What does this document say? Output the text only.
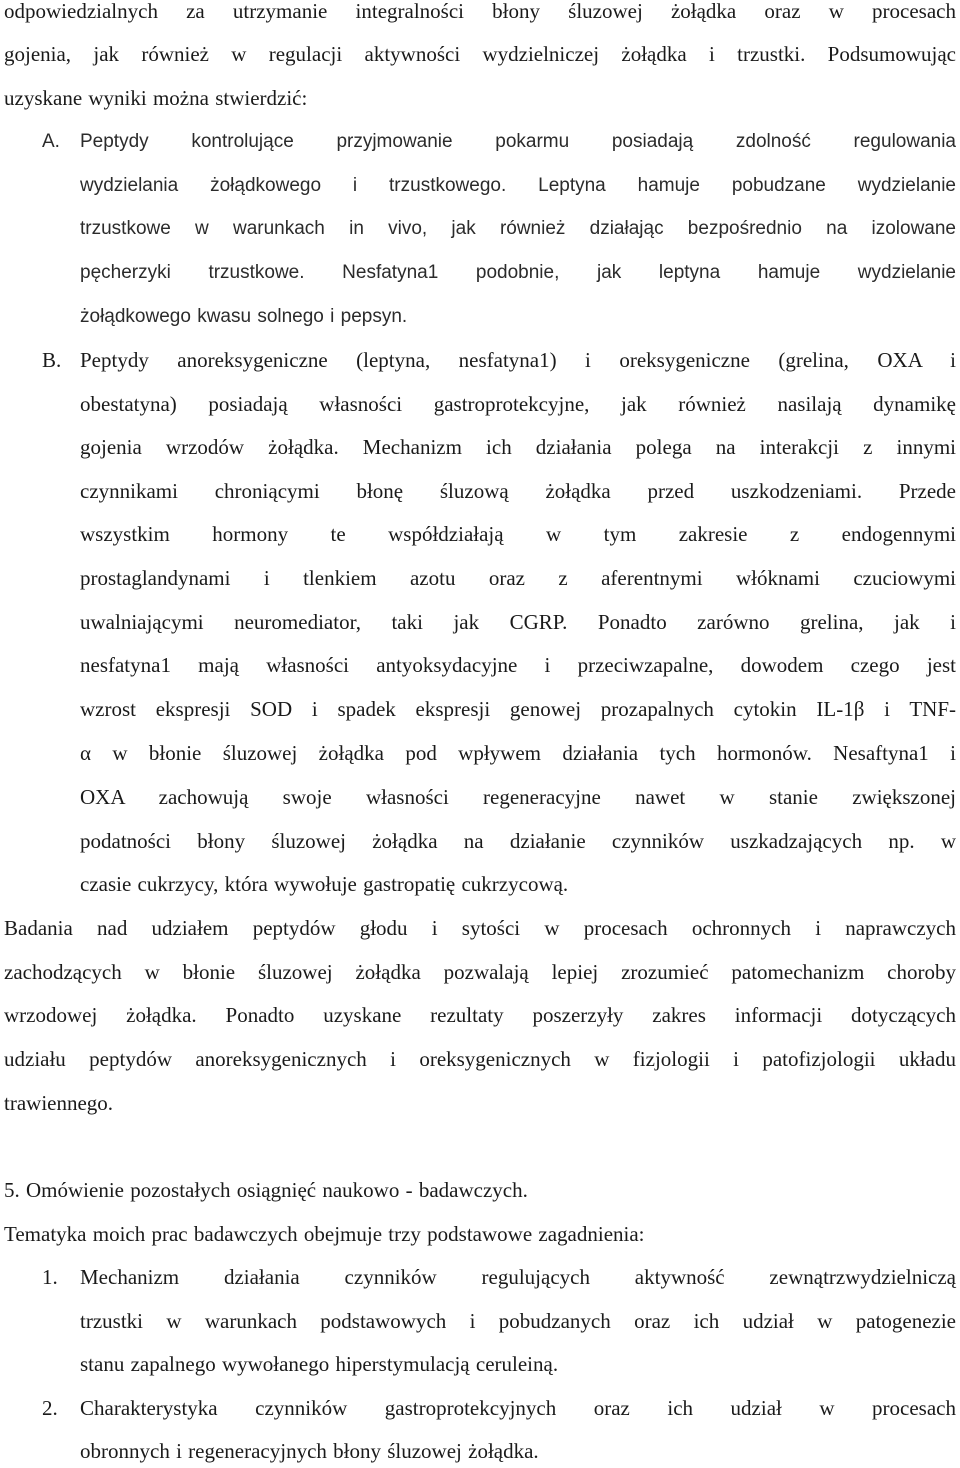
odpowiedzialnych za utrzymanie integralności błony śluzowej żołądka oraz w procesach
gojenia, jak również w regulacji aktywności wydzielniczej żołądka i trzustki. Podsumowując
uzyskane wyniki można stwierdzić:
A. Peptydy kontrolujące przyjmowanie pokarmu posiadają zdolność regulowania
wydzielania żołądkowego i trzustkowego. Leptyna hamuje pobudzane wydzielanie
trzustkowe w warunkach in vivo, jak również działając bezpośrednio na izolowane
pęcherzyki trzustkowe. Nesfatyna1 podobnie, jak leptyna hamuje wydzielanie
żołądkowego kwasu solnego i pepsyn.
B. Peptydy anoreksygeniczne (leptyna, nesfatyna1) i oreksygeniczne (grelina, OXA i
obestatyna) posiadają własności gastroprotekcyjne, jak również nasilają dynamikę
gojenia wrzodów żołądka. Mechanizm ich działania polega na interakcji z innymi
czynnikami chroniącymi błonę śluzową żołądka przed uszkodzeniami. Przede
wszystkim hormony te współdziałają w tym zakresie z endogennymi
prostaglandynami i tlenkiem azotu oraz z aferentnymi włóknami czuciowymi
uwalniającymi neuromediator, taki jak CGRP. Ponadto zarówno grelina, jak i
nesfatyna1 mają własności antyoksydacyjne i przeciwzapalne, dowodem czego jest
wzrost ekspresji SOD i spadek ekspresji genowej prozapalnych cytokin IL-1β i TNF-
α w błonie śluzowej żołądka pod wpływem działania tych hormonów. Nesaftyna1 i
OXA zachowują swoje własności regeneracyjne nawet w stanie zwiększonej
podatności błony śluzowej żołądka na działanie czynników uszkadzających np. w
czasie cukrzycy, która wywołuje gastropatię cukrzycową.
Badania nad udziałem peptydów głodu i sytości w procesach ochronnych i naprawczych
zachodzących w błonie śluzowej żołądka pozwalają lepiej zrozumieć patomechanizm choroby
wrzodowej żołądka. Ponadto uzyskane rezultaty poszerzyły zakres informacji dotyczących
udziału peptydów anoreksygenicznych i oreksygenicznych w fizjologii i patofizjologii układu
trawiennego.
5. Omówienie pozostałych osiągnięć naukowo - badawczych.
Tematyka moich prac badawczych obejmuje trzy podstawowe zagadnienia:
1. Mechanizm działania czynników regulujących aktywność zewnątrzwydzielniczą
trzustki w warunkach podstawowych i pobudzanych oraz ich udział w patogenezie
stanu zapalnego wywołanego hiperstymulacją ceruleiną.
2. Charakterystyka czynników gastroprotekcyjnych oraz ich udział w procesach
obronnych i regeneracyjnych błony śluzowej żołądka.
